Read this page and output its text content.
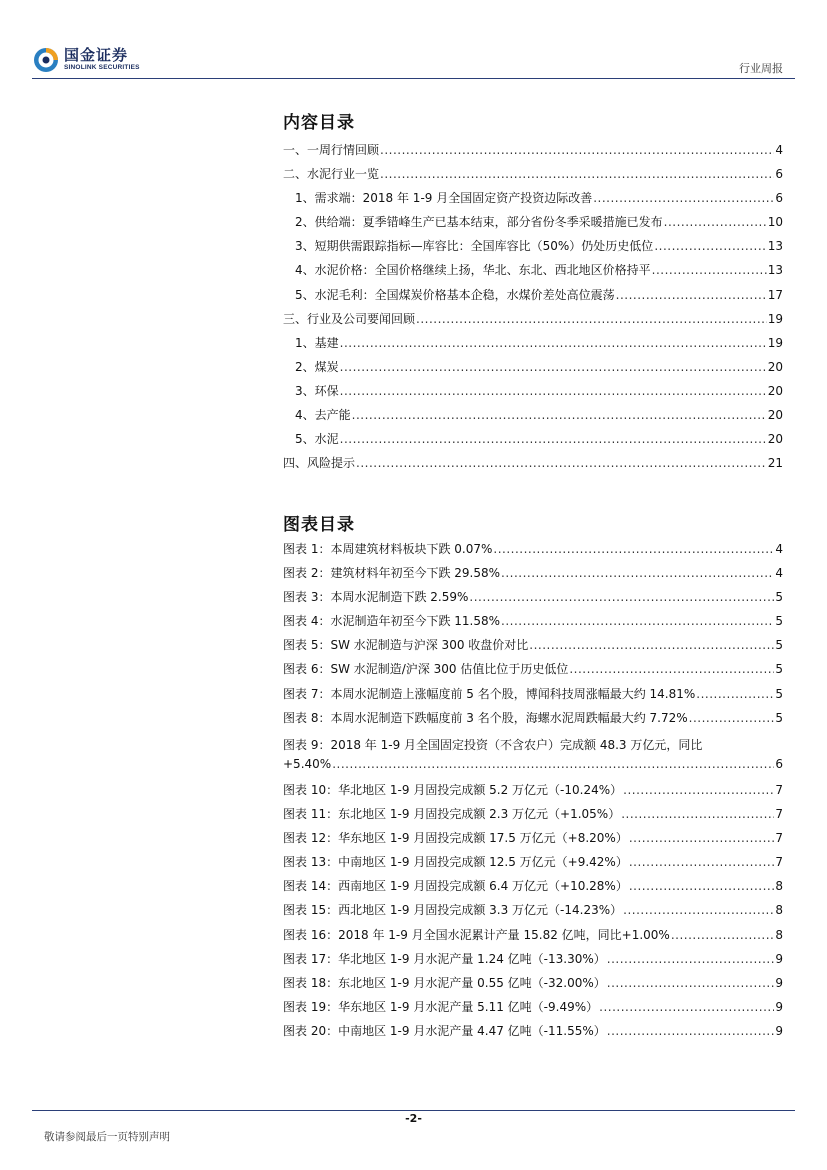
国金证券
SINOLINK SECURITIES	行业周报
内容目录
一、一周行情回顾 .....	4
二、水泥行业一览 .....	6
1、需求端：2018 年 1-9 月全国固定资产投资边际改善 .....	6
2、供给端：夏季错峰生产已基本结束，部分省份冬季采暖措施已发布 .....	10
3、短期供需跟踪指标—库容比：全国库容比（50%）仍处历史低位 .....	13
4、水泥价格：全国价格继续上扬，华北、东北、西北地区价格持平 .....	13
5、水泥毛利：全国煤炭价格基本企稳，水煤价差处高位震荡 .....	17
三、行业及公司要闻回顾 .....	19
1、基建 .....	19
2、煤炭 .....	20
3、环保 .....	20
4、去产能 .....	20
5、水泥 .....	20
四、风险提示 .....	21
图表目录
图表 1：本周建筑材料板块下跌 0.07% .....	4
图表 2：建筑材料年初至今下跌 29.58% .....	4
图表 3：本周水泥制造下跌 2.59% .....	5
图表 4：水泥制造年初至今下跌 11.58% .....	5
图表 5：SW 水泥制造与沪深 300 收盘价对比 .....	5
图表 6：SW 水泥制造/沪深 300 估值比位于历史低位 .....	5
图表 7：本周水泥制造上涨幅度前 5 名个股，博闻科技周涨幅最大约 14.81% .....	5
图表 8：本周水泥制造下跌幅度前 3 名个股，海螺水泥周跌幅最大约 7.72% .....	5
图表 9：2018 年 1-9 月全国固定投资（不含农户）完成额 48.3 万亿元，同比
+5.40% .....	6
图表 10：华北地区 1-9 月固投完成额 5.2 万亿元（-10.24%） .....	7
图表 11：东北地区 1-9 月固投完成额 2.3 万亿元（+1.05%） .....	7
图表 12：华东地区 1-9 月固投完成额 17.5 万亿元（+8.20%） .....	7
图表 13：中南地区 1-9 月固投完成额 12.5 万亿元（+9.42%） .....	7
图表 14：西南地区 1-9 月固投完成额 6.4 万亿元（+10.28%） .....	8
图表 15：西北地区 1-9 月固投完成额 3.3 万亿元（-14.23%） .....	8
图表 16：2018 年 1-9 月全国水泥累计产量 15.82 亿吨，同比+1.00% .....	8
图表 17：华北地区 1-9 月水泥产量 1.24 亿吨（-13.30%） .....	9
图表 18：东北地区 1-9 月水泥产量 0.55 亿吨（-32.00%） .....	9
图表 19：华东地区 1-9 月水泥产量 5.11 亿吨（-9.49%） .....	9
图表 20：中南地区 1-9 月水泥产量 4.47 亿吨（-11.55%） .....	9
-2-
敬请参阅最后一页特别声明
